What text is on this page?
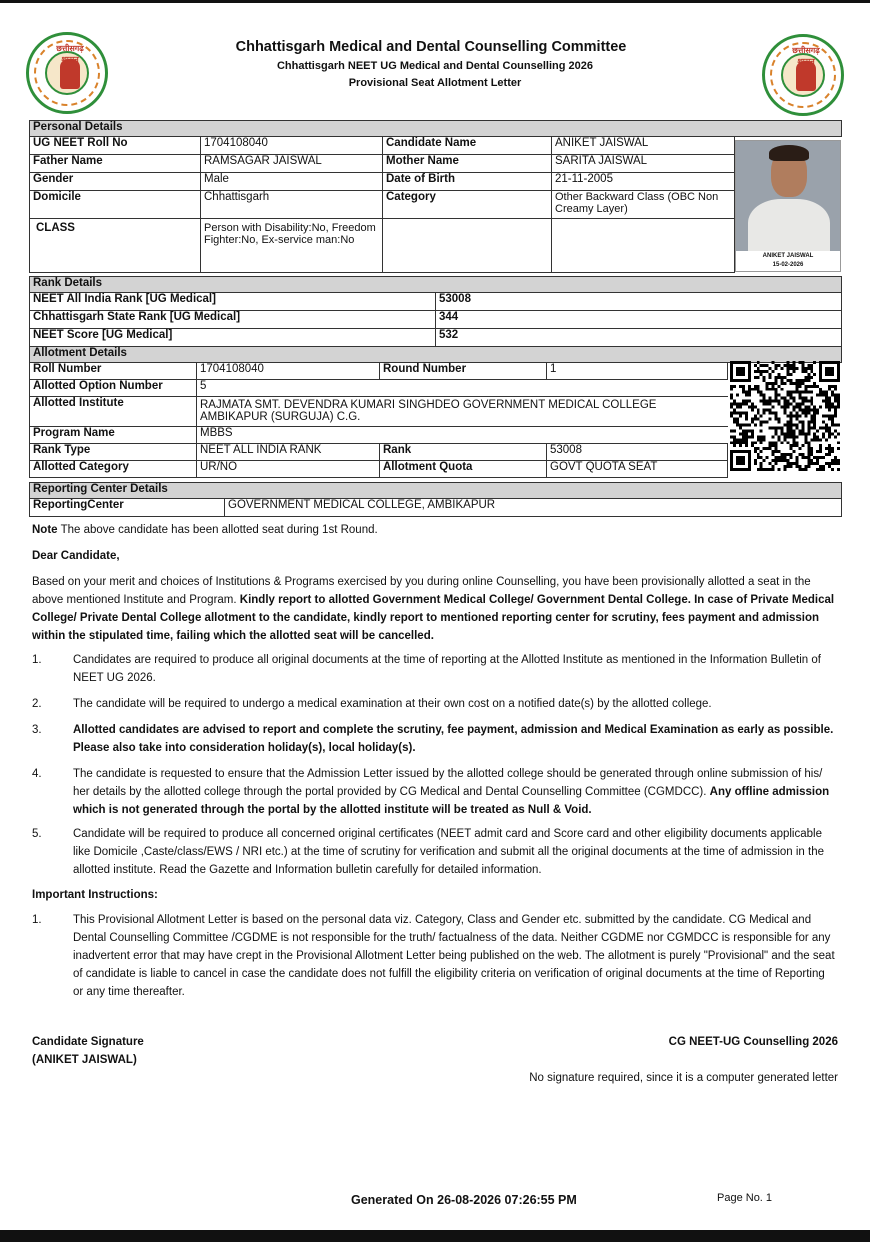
छत्तीसगढ़ शासन
छत्तीसगढ़ शासन
Chhattisgarh Medical and Dental Counselling Committee
Chhattisgarh NEET UG Medical and Dental Counselling 2026
Provisional Seat Allotment Letter
Personal Details				
UG NEET Roll No	1704108040	Candidate Name	ANIKET JAISWAL	
Father Name	RAMSAGAR JAISWAL	Mother Name	SARITA JAISWAL	
Gender	Male	Date of Birth	21-11-2005	
Domicile	Chhattisgarh	Category	Other Backward Class (OBC Non Creamy Layer)	
CLASS	Person with Disability:No, Freedom Fighter:No, Ex-service man:No			
ANIKET JAISWAL
15-02-2026
Rank Details	
NEET All India Rank [UG Medical]	53008
Chhattisgarh State Rank [UG Medical]	344
NEET Score [UG Medical]	532
Allotment Details				
Roll Number	1704108040	Round Number	1	
Allotted Option Number	5			
Allotted Institute	RAJMATA SMT. DEVENDRA KUMARI SINGHDEO GOVERNMENT MEDICAL COLLEGE AMBIKAPUR (SURGUJA) C.G.			
Program Name	MBBS			
Rank Type	NEET ALL INDIA RANK	Rank	53008	
Allotted Category	UR/NO	Allotment Quota	GOVT QUOTA SEAT	
Reporting Center Details
ReportingCenter	GOVERNMENT MEDICAL COLLEGE, AMBIKAPUR
Note The above candidate has been allotted seat during 1st Round.
Dear Candidate,
Based on your merit and choices of Institutions & Programs exercised by you during online Counselling, you have been provisionally allotted a seat in the above mentioned Institute and Program. Kindly report to allotted Government Medical College/ Government Dental College. In case of Private Medical College/ Private Dental College allotment to the candidate, kindly report to mentioned reporting center for scrutiny, fees payment and admission within the stipulated time, failing which the allotted seat will be cancelled.
1.	Candidates are required to produce all original documents at the time of reporting at the Allotted Institute as mentioned in the Information Bulletin of NEET UG 2026.
2.	The candidate will be required to undergo a medical examination at their own cost on a notified date(s) by the allotted college.
3.	Allotted candidates are advised to report and complete the scrutiny, fee payment, admission and Medical Examination as early as possible. Please also take into consideration holiday(s), local holiday(s).
4.	The candidate is requested to ensure that the Admission Letter issued by the allotted college should be generated through online submission of his/ her details by the allotted college through the portal provided by CG Medical and Dental Counselling Committee (CGMDCC). Any offline admission which is not generated through the portal by the allotted institute will be treated as Null & Void.
5.	Candidate will be required to produce all concerned original certificates (NEET admit card and Score card and other eligibility documents applicable like Domicile ,Caste/class/EWS / NRI etc.) at the time of scrutiny for verification and submit all the original documents at the time of admission in the allotted institute. Read the Gazette and Information bulletin carefully for detailed information.
Important Instructions:
1.	This Provisional Allotment Letter is based on the personal data viz. Category, Class and Gender etc. submitted by the candidate. CG Medical and Dental Counselling Committee /CGDME is not responsible for the truth/ factualness of the data. Neither CGDME nor CGMDCC is responsible for any inadvertent error that may have crept in the Provisional Allotment Letter being published on the web. The allotment is purely "Provisional" and the seat of candidate is liable to cancel in case the candidate does not fulfill the eligibility criteria on verification of original documents at the time of Reporting or any time thereafter.
Candidate Signature
(ANIKET JAISWAL)
CG NEET-UG Counselling 2026
No signature required, since it is a computer generated letter
Generated On 26-08-2026 07:26:55 PM	Page No. 1
